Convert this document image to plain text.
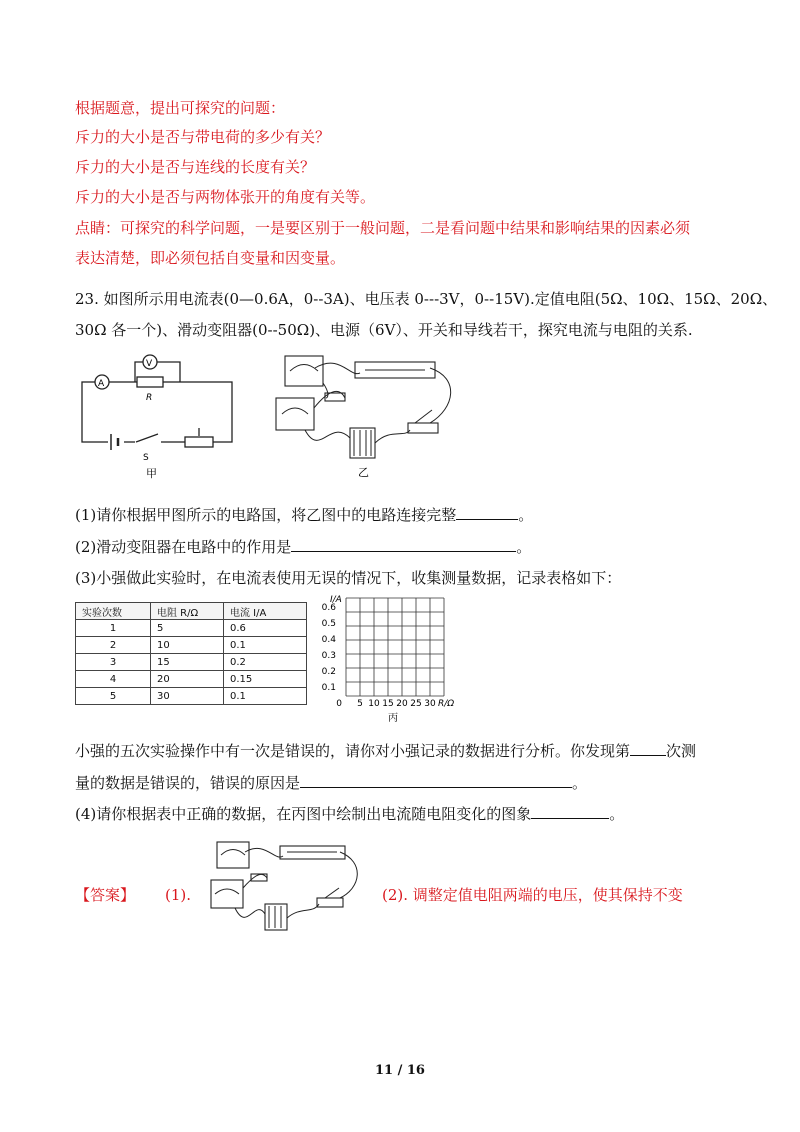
根据题意，提出可探究的问题：
斥力的大小是否与带电荷的多少有关？
斥力的大小是否与连线的长度有关？
斥力的大小是否与两物体张开的角度有关等。
点睛：可探究的科学问题，一是要区别于一般问题，二是看问题中结果和影响结果的因素必须
表达清楚，即必须包括自变量和因变量。
23. 如图所示用电流表(0—0.6A，0--3A)、电压表 0---3V，0--15V).定值电阻(5Ω、10Ω、15Ω、20Ω、
30Ω 各一个)、滑动变阻器(0--50Ω)、电源（6V）、开关和导线若干，探究电流与电阻的关系.
V
A
R
S
甲	乙
(1)请你根据甲图所示的电路国，将乙图中的电路连接完整	。
(2)滑动变阻器在电路中的作用是	。
(3)小强做此实验时，在电流表使用无误的情况下，收集测量数据，记录表格如下：
实验次数	电阻 R/Ω	电流 I/A
1	5	0.6
2	10	0.1
3	15	0.2
4	20	0.15
5	30	0.1
I/A
R/Ω
0.6
0.5
0.4
0.3
0.2
0.1
0 5 10 15 20 25 30
丙
小强的五次实验操作中有一次是错误的，请你对小强记录的数据进行分析。你发现第 次测
量的数据是错误的，错误的原因是	。
(4)请你根据表中正确的数据，在丙图中绘制出电流随电阻变化的图象	。
【答案】 (1).	(2). 调整定值电阻两端的电压，使其保持不变
11 / 16
